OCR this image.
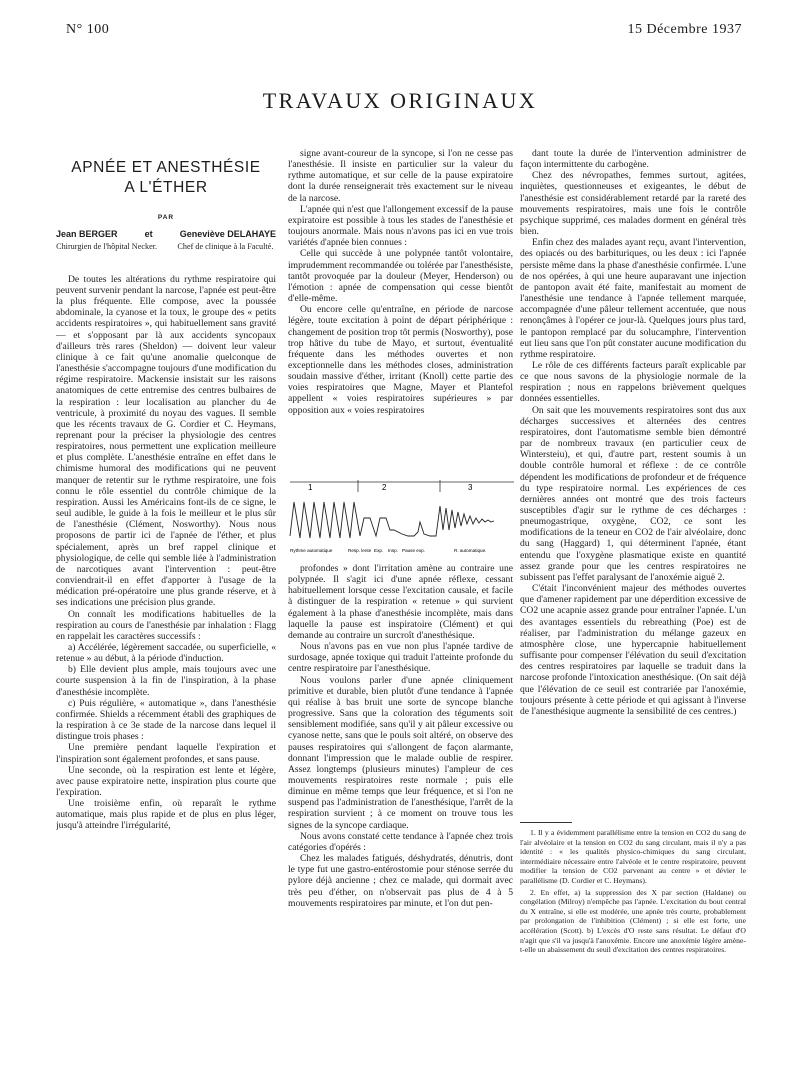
N° 100	15 Décembre 1937
TRAVAUX ORIGINAUX
APNÉE ET ANESTHÉSIE
A L'ÉTHER
PAR
Jean BERGER	et	Geneviève DELAHAYE
Chirurgien de l'hôpital Necker.	Chef de clinique à la Faculté.

De toutes les altérations du rythme respiratoire qui peuvent survenir pendant la narcose, l'apnée est peut-être la plus fréquente. Elle compose, avec la poussée abdominale, la cyanose et la toux, le groupe des « petits accidents respiratoires », qui habituellement sans gravité — et s'opposant par là aux accidents syncopaux d'ailleurs très rares (Sheldon) — doivent leur valeur clinique à ce fait qu'une anomalie quelconque de l'anesthésie s'accompagne toujours d'une modification du régime respiratoire. Mackensie insistait sur les raisons anatomiques de cette entremise des centres bulbaires de la respiration : leur localisation au plancher du 4e ventricule, à proximité du noyau des vagues. Il semble que les récents travaux de G. Cordier et C. Heymans, reprenant pour la préciser la physiologie des centres respiratoires, nous permettent une explication meilleure et plus complète. L'anesthésie entraîne en effet dans le chimisme humoral des modifications qui ne peuvent manquer de retentir sur le rythme respiratoire, une fois connu le rôle essentiel du contrôle chimique de la respiration. Aussi les Américains font-ils de ce signe, le seul audible, le guide à la fois le meilleur et le plus sûr de l'anesthésie (Clément, Nosworthy). Nous nous proposons de partir ici de l'apnée de l'éther, et plus spécialement, après un bref rappel clinique et physiologique, de celle qui semble liée à l'administration de narcotiques avant l'intervention : peut-être conviendrait-il en effet d'apporter à l'usage de la médication pré-opératoire une plus grande réserve, et à ses indications une précision plus grande.

On connaît les modifications habituelles de la respiration au cours de l'anesthésie par inhalation : Flagg en rappelait les caractères successifs :

a) Accélérée, légèrement saccadée, ou superficielle, « retenue » au début, à la période d'induction.

b) Elle devient plus ample, mais toujours avec une courte suspension à la fin de l'inspiration, à la phase d'anesthésie incomplète.

c) Puis régulière, « automatique », dans l'anesthésie confirmée. Shields a récemment établi des graphiques de la respiration à ce 3e stade de la narcose dans lequel il distingue trois phases :

Une première pendant laquelle l'expiration et l'inspiration sont également profondes, et sans pause.

Une seconde, où la respiration est lente et légère, avec pause expiratoire nette, inspiration plus courte que l'expiration.

Une troisième enfin, où reparaît le rythme automatique, mais plus rapide et de plus en plus léger, jusqu'à atteindre l'irrégularité,

signe avant-coureur de la syncope, si l'on ne cesse pas l'anesthésie. Il insiste en particulier sur la valeur du rythme automatique, et sur celle de la pause expiratoire dont la durée renseignerait très exactement sur le niveau de la narcose.

L'apnée qui n'est que l'allongement excessif de la pause expiratoire est possible à tous les stades de l'anesthésie et toujours anormale. Mais nous n'avons pas ici en vue trois variétés d'apnée bien connues :

Celle qui succède à une polypnée tantôt volontaire, imprudemment recommandée ou tolérée par l'anesthésiste, tantôt provoquée par la douleur (Meyer, Henderson) ou l'émotion : apnée de compensation qui cesse bientôt d'elle-même.

Ou encore celle qu'entraîne, en période de narcose légère, toute excitation à point de départ périphérique : changement de position trop tôt permis (Nosworthy), pose trop hâtive du tube de Mayo, et surtout, éventualité fréquente dans les méthodes ouvertes et non exceptionnelle dans les méthodes closes, administration soudain massive d'éther, irritant (Knoll) cette partie des voies respiratoires que Magne, Mayer et Plantefol appellent « voies respiratoires supérieures » par opposition aux « voies respiratoires

1	2	3
Rythme automatique	Resp. lente Exp. Insp. Pause exp.	R. automatique.

profondes » dont l'irritation amène au contraire une polypnée. Il s'agit ici d'une apnée réflexe, cessant habituellement lorsque cesse l'excitation causale, et facile à distinguer de la respiration « retenue » qui survient également à la phase d'anesthésie incomplète, mais dans laquelle la pause est inspiratoire (Clément) et qui demande au contraire un surcroît d'anesthésique.

Nous n'avons pas en vue non plus l'apnée tardive de surdosage, apnée toxique qui traduit l'atteinte profonde du centre respiratoire par l'anesthésique.

Nous voulons parler d'une apnée cliniquement primitive et durable, bien plutôt d'une tendance à l'apnée qui réalise à bas bruit une sorte de syncope blanche progressive. Sans que la coloration des téguments soit sensiblement modifiée, sans qu'il y ait pâleur excessive ou cyanose nette, sans que le pouls soit altéré, on observe des pauses respiratoires qui s'allongent de façon alarmante, donnant l'impression que le malade oublie de respirer. Assez longtemps (plusieurs minutes) l'ampleur de ces mouvements respiratoires reste normale ; puis elle diminue en même temps que leur fréquence, et si l'on ne suspend pas l'administration de l'anesthésique, l'arrêt de la respiration survient ; à ce moment on trouve tous les signes de la syncope cardiaque.

Nous avons constaté cette tendance à l'apnée chez trois catégories d'opérés :

Chez les malades fatigués, déshydratés, dénutris, dont le type fut une gastro-entérostomie pour sténose serrée du pylore déjà ancienne ; chez ce malade, qui dormait avec très peu d'éther, on n'observait pas plus de 4 à 5 mouvements respiratoires par minute, et l'on dut pen-

dant toute la durée de l'intervention administrer de façon intermittente du carbogène.

Chez des névropathes, femmes surtout, agitées, inquiètes, questionneuses et exigeantes, le début de l'anesthésie est considérablement retardé par la rareté des mouvements respiratoires, mais une fois le contrôle psychique supprimé, ces malades dorment en général très bien.

Enfin chez des malades ayant reçu, avant l'intervention, des opiacés ou des barbituriques, ou les deux : ici l'apnée persiste même dans la phase d'anesthésie confirmée. L'une de nos opérées, à qui une heure auparavant une injection de pantopon avait été faite, manifestait au moment de l'anesthésie une tendance à l'apnée tellement marquée, accompagnée d'une pâleur tellement accentuée, que nous renonçâmes à l'opérer ce jour-là. Quelques jours plus tard, le pantopon remplacé par du solucamphre, l'intervention eut lieu sans que l'on pût constater aucune modification du rythme respiratoire.

Le rôle de ces différents facteurs paraît explicable par ce que nous savons de la physiologie normale de la respiration ; nous en rappelons brièvement quelques données essentielles.

On sait que les mouvements respiratoires sont dus aux décharges successives et alternées des centres respiratoires, dont l'automatisme semble bien démontré par de nombreux travaux (en particulier ceux de Wintersteiu), et qui, d'autre part, restent soumis à un double contrôle humoral et réflexe : de ce contrôle dépendent les modifications de profondeur et de fréquence du type respiratoire normal. Les expériences de ces dernières années ont montré que des trois facteurs susceptibles d'agir sur le rythme de ces décharges : pneumogastrique, oxygène, CO2, ce sont les modifications de la teneur en CO2 de l'air alvéolaire, donc du sang (Haggard) 1, qui déterminent l'apnée, étant entendu que l'oxygène plasmatique existe en quantité assez grande pour que les centres respiratoires ne subissent pas l'effet paralysant de l'anoxémie aiguë 2.

C'était l'inconvénient majeur des méthodes ouvertes que d'amener rapidement par une déperdition excessive de CO2 une acapnie assez grande pour entraîner l'apnée. L'un des avantages essentiels du rebreathing (Poe) est de réaliser, par l'administration du mélange gazeux en atmosphère close, une hypercapnie habituellement suffisante pour compenser l'élévation du seuil d'excitation des centres respiratoires par laquelle se traduit dans la narcose profonde l'intoxication anesthésique. (On sait déjà que l'élévation de ce seuil est contrariée par l'anoxémie, toujours présente à cette période et qui agissant à l'inverse de l'anesthésique augmente la sensibilité de ces centres.)

1. Il y a évidemment parallélisme entre la tension en CO2 du sang de l'air alvéolaire et la tension en CO2 du sang circulant, mais il n'y a pas identité : « les qualités physico-chimiques du sang circulant, intermédiaire nécessaire entre l'alvéole et le centre respiratoire, peuvent modifier la tension de CO2 parvenant au centre » et dévier le parallélisme (D. Cordier et C. Heymans).

2. En effet, a) la suppression des X par section (Haldane) ou congélation (Milroy) n'empêche pas l'apnée. L'excitation du bout central du X entraîne, si elle est modérée, une apnée très courte, probablement par prolongation de l'inhibition (Clément) ; si elle est forte, une accélération (Scott). b) L'excès d'O reste sans résultat. Le défaut d'O n'agit que s'il va jusqu'à l'anoxémie. Encore une anoxémie légère amène-t-elle un abaissement du seuil d'excitation des centres respiratoires.
